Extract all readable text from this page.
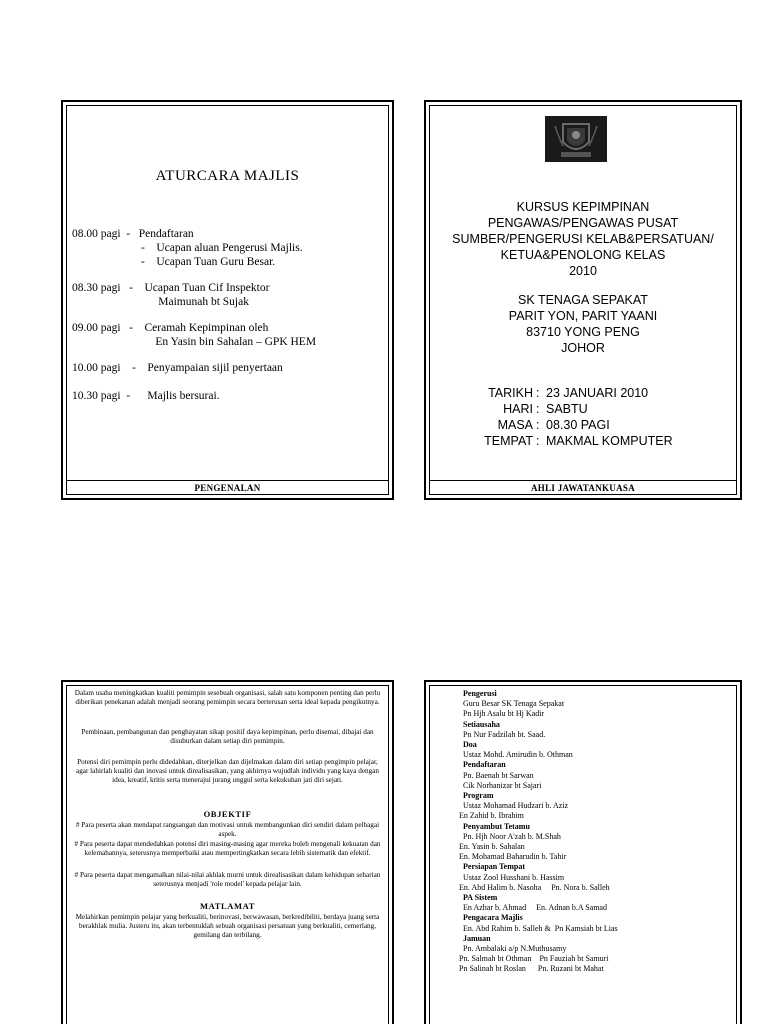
ATURCARA MAJLIS
08.00 pagi  -   Pendaftaran
-    Ucapan aluan Pengerusi Majlis.
-    Ucapan Tuan Guru Besar.
08.30 pagi   -    Ucapan Tuan Cif Inspektor
Maimunah bt Sujak
09.00 pagi   -    Ceramah Kepimpinan oleh
En Yasin bin Sahalan – GPK HEM
10.00 pagi    -    Penyampaian sijil penyertaan
10.30 pagi  -      Majlis bersurai.
PENGENALAN
KURSUS KEPIMPINAN
PENGAWAS/PENGAWAS PUSAT
SUMBER/PENGERUSI KELAB&PERSATUAN/
KETUA&PENOLONG KELAS
2010
SK TENAGA SEPAKAT
PARIT YON, PARIT YAANI
83710 YONG PENG
JOHOR
TARIKH : 23 JANUARI 2010
HARI : SABTU
MASA : 08.30 PAGI
TEMPAT : MAKMAL KOMPUTER
AHLI JAWATANKUASA
Dalam usaha meningkatkan kualiti pemimpin sesebuah organisasi, salah satu komponen penting dan perlu diberikan penekanan adalah menjadi seorang pemimpin secara berterusan serta ideal kepada pengikutnya.
Pembinaan, pembangunan dan penghayatan sikap positif daya kepimpinan, perlu disemai, dibajai dan disuburkan dalam setiap diri pemimpin.
Potensi diri pemimpin perlu didedahkan, diterjelkan dan dijelmakan dalam diri setiap pengimpin pelajar, agar lahirlah kualiti dan inovasi untuk direalisasikan, yang akhirnya wujudlah individu yang kaya dengan idea, kreatif, kritis serta menerajui jurang unggul serta kekukuhan jati diri sejati.
OBJEKTIF
# Para peserta akan mendapat rangsangan dan motivasi untuk membangunkan diri sendiri dalam pelbagai aspek.
# Para peserta dapat mendedahkan potensi diri masing-masing agar mereka boleh mengenali kekuatan dan kelemahannya, seterusnya memperbaiki atau mempertingkatkan secara lebih sistematik dan efektif.
# Para peserta dapat mengamalkan nilai-nilai akhlak murni untuk direalisasikan dalam kehidupan seharian seterusnya menjadi 'role model' kepada pelajar lain.
MATLAMAT
Melahirkan pemimpin pelajar yang berkualiti, berinovasi, berwawasan, berkredibiliti, berdaya juang serta berakhlak mulia. Justeru itu, akan terbentuklah sebuah organisasi persatuan yang berkualiti, cemerlang, gemilang dan terbilang.
Pengerusi
Guru Besar SK Tenaga Sepakat
Pn Hjh Asalu bt Hj Kadir
Setiausaha
Pn Nur Fadzilah bt. Saad.
Doa
Ustaz Mohd. Amirudin b. Othman
Pendaftaran
Pn. Baenah bt Sarwan
Cik Norhanizar bt Sajari
Program
Ustaz Mohamad Hudzari b. Aziz
En Zahid b. Ibrahim
Penyambut Tetamu
Pn. Hjh Noor A'zah b. M.Shah
En. Yasin b. Sahalan
En. Mohamad Baharudin b. Tahir
Persiapan Tempat
Ustaz Zool Husshani b. Hassim
En. Abd Halim b. Nasoha     Pn. Nora b. Salleh
PA Sistem
En Azhar b. Ahmad     En. Adnan b.A Samad
Pengacara Majlis
En. Abd Rahim b. Salleh &  Pn Kamsiah bt Lias
Jamuan
Pn. Ambalaki a/p N.Muthusamy
Pn. Salmah bt Othman    Pn Fauziah bt Samuri
Pn Salinah bt Roslan      Pn. Ruzani bt Mahat
